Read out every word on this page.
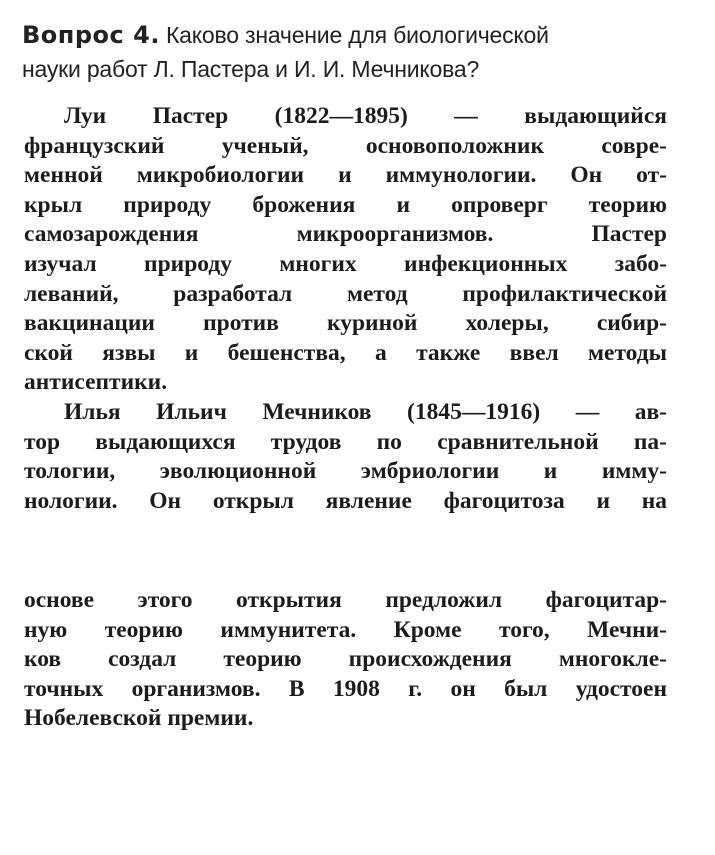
Вопрос 4. Каково значение для биологической
науки работ Л. Пастера и И. И. Мечникова?

Луи Пастер (1822—1895) — выдающийся
французский ученый, основоположник совре-
менной микробиологии и иммунологии. Он от-
крыл природу брожения и опроверг теорию
самозарождения микроорганизмов. Пастер
изучал природу многих инфекционных забо-
леваний, разработал метод профилактической
вакцинации против куриной холеры, сибир-
ской язвы и бешенства, а также ввел методы
антисептики.

Илья Ильич Мечников (1845—1916) — ав-
тор выдающихся трудов по сравнительной па-
тологии, эволюционной эмбриологии и имму-
нологии. Он открыл явление фагоцитоза и на

основе этого открытия предложил фагоцитар-
ную теорию иммунитета. Кроме того, Мечни-
ков создал теорию происхождения многокле-
точных организмов. В 1908 г. он был удостоен
Нобелевской премии.
